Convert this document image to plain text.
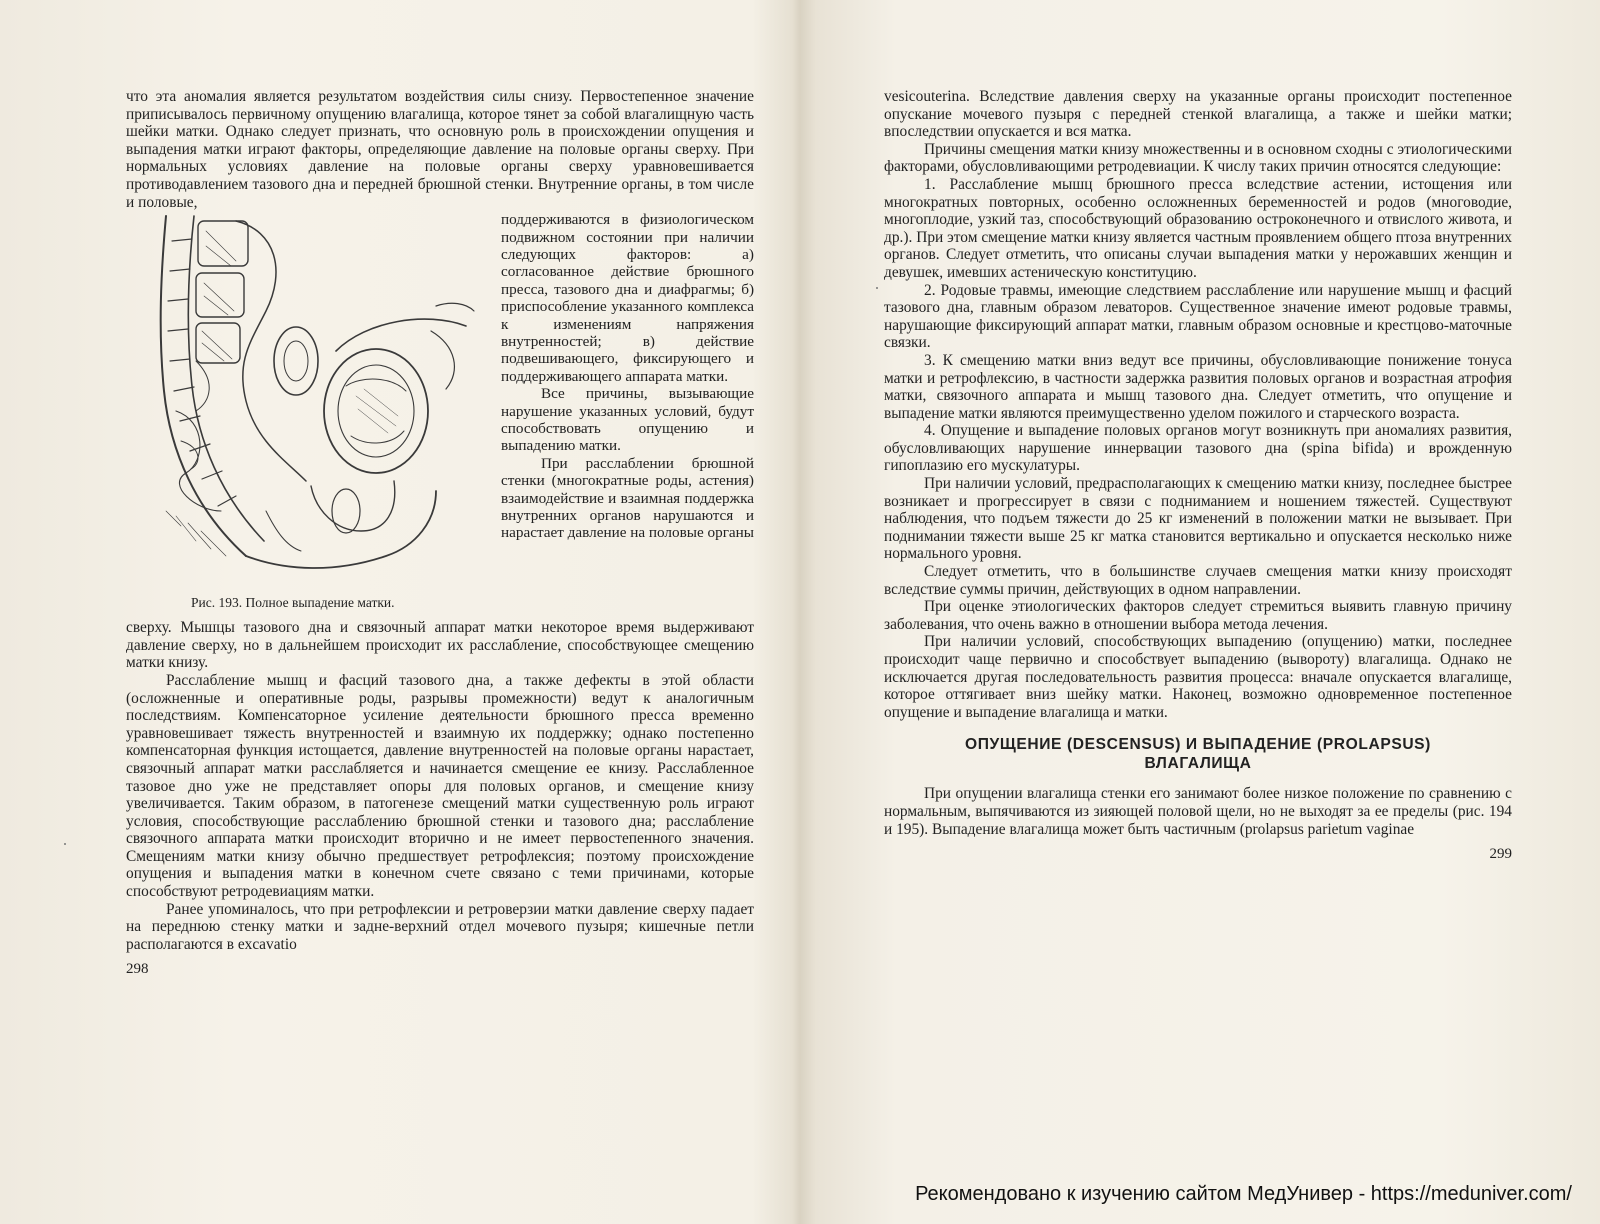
что эта аномалия является результатом воздействия силы снизу. Первостепенное значение приписывалось первичному опущению влагалища, которое тянет за собой влагалищную часть шейки матки. Однако следует признать, что основную роль в происхождении опущения и выпадения матки играют факторы, определяющие давление на половые органы сверху. При нормальных условиях давление на половые органы сверху уравновешивается противодавлением тазового дна и передней брюшной стенки. Внутренние органы, в том числе и половые,

Рис. 193. Полное выпадение матки.

поддерживаются в физиологическом подвижном состоянии при наличии следующих факторов: а) согласованное действие брюшного пресса, тазового дна и диафрагмы; б) приспособление указанного комплекса к изменениям напряжения внутренностей; в) действие подвешивающего, фиксирующего и поддерживающего аппарата матки.

Все причины, вызывающие нарушение указанных условий, будут способствовать опущению и выпадению матки.

При расслаблении брюшной стенки (многократные роды, астения) взаимодействие и взаимная поддержка внутренних органов нарушаются и нарастает давление на половые органы

сверху. Мышцы тазового дна и связочный аппарат матки некоторое время выдерживают давление сверху, но в дальнейшем происходит их расслабление, способствующее смещению матки книзу.

Расслабление мышц и фасций тазового дна, а также дефекты в этой области (осложненные и оперативные роды, разрывы промежности) ведут к аналогичным последствиям. Компенсаторное усиление деятельности брюшного пресса временно уравновешивает тяжесть внутренностей и взаимную их поддержку; однако постепенно компенсаторная функция истощается, давление внутренностей на половые органы нарастает, связочный аппарат матки расслабляется и начинается смещение ее книзу. Расслабленное тазовое дно уже не представляет опоры для половых органов, и смещение книзу увеличивается. Таким образом, в патогенезе смещений матки существенную роль играют условия, способствующие расслаблению брюшной стенки и тазового дна; расслабление связочного аппарата матки происходит вторично и не имеет первостепенного значения. Смещениям матки книзу обычно предшествует ретрофлексия; поэтому происхождение опущения и выпадения матки в конечном счете связано с теми причинами, которые способствуют ретродевиациям матки.

Ранее упоминалось, что при ретрофлексии и ретроверзии матки давление сверху падает на переднюю стенку матки и задне-верхний отдел мочевого пузыря; кишечные петли располагаются в excavatio

298

vesicouterina. Вследствие давления сверху на указанные органы происходит постепенное опускание мочевого пузыря с передней стенкой влагалища, а также и шейки матки; впоследствии опускается и вся матка.

Причины смещения матки книзу множественны и в основном сходны с этиологическими факторами, обусловливающими ретродевиации. К числу таких причин относятся следующие:

1. Расслабление мышц брюшного пресса вследствие астении, истощения или многократных повторных, особенно осложненных беременностей и родов (многоводие, многоплодие, узкий таз, способствующий образованию остроконечного и отвислого живота, и др.). При этом смещение матки книзу является частным проявлением общего птоза внутренних органов. Следует отметить, что описаны случаи выпадения матки у нерожавших женщин и девушек, имевших астеническую конституцию.

2. Родовые травмы, имеющие следствием расслабление или нарушение мышц и фасций тазового дна, главным образом леваторов. Существенное значение имеют родовые травмы, нарушающие фиксирующий аппарат матки, главным образом основные и крестцово-маточные связки.

3. К смещению матки вниз ведут все причины, обусловливающие понижение тонуса матки и ретрофлексию, в частности задержка развития половых органов и возрастная атрофия матки, связочного аппарата и мышц тазового дна. Следует отметить, что опущение и выпадение матки являются преимущественно уделом пожилого и старческого возраста.

4. Опущение и выпадение половых органов могут возникнуть при аномалиях развития, обусловливающих нарушение иннервации тазового дна (spina bifida) и врожденную гипоплазию его мускулатуры.

При наличии условий, предрасполагающих к смещению матки книзу, последнее быстрее возникает и прогрессирует в связи с подниманием и ношением тяжестей. Существуют наблюдения, что подъем тяжести до 25 кг изменений в положении матки не вызывает. При поднимании тяжести выше 25 кг матка становится вертикально и опускается несколько ниже нормального уровня.

Следует отметить, что в большинстве случаев смещения матки книзу происходят вследствие суммы причин, действующих в одном направлении.

При оценке этиологических факторов следует стремиться выявить главную причину заболевания, что очень важно в отношении выбора метода лечения.

При наличии условий, способствующих выпадению (опущению) матки, последнее происходит чаще первично и способствует выпадению (вывороту) влагалища. Однако не исключается другая последовательность развития процесса: вначале опускается влагалище, которое оттягивает вниз шейку матки. Наконец, возможно одновременное постепенное опущение и выпадение влагалища и матки.

ОПУЩЕНИЕ (DESCENSUS) И ВЫПАДЕНИЕ (PROLAPSUS)
ВЛАГАЛИЩА

При опущении влагалища стенки его занимают более низкое положение по сравнению с нормальным, выпячиваются из зияющей половой щели, но не выходят за ее пределы (рис. 194 и 195). Выпадение влагалища может быть частичным (prolapsus parietum vaginae

299
Рекомендовано к изучению сайтом МедУнивер - https://meduniver.com/
